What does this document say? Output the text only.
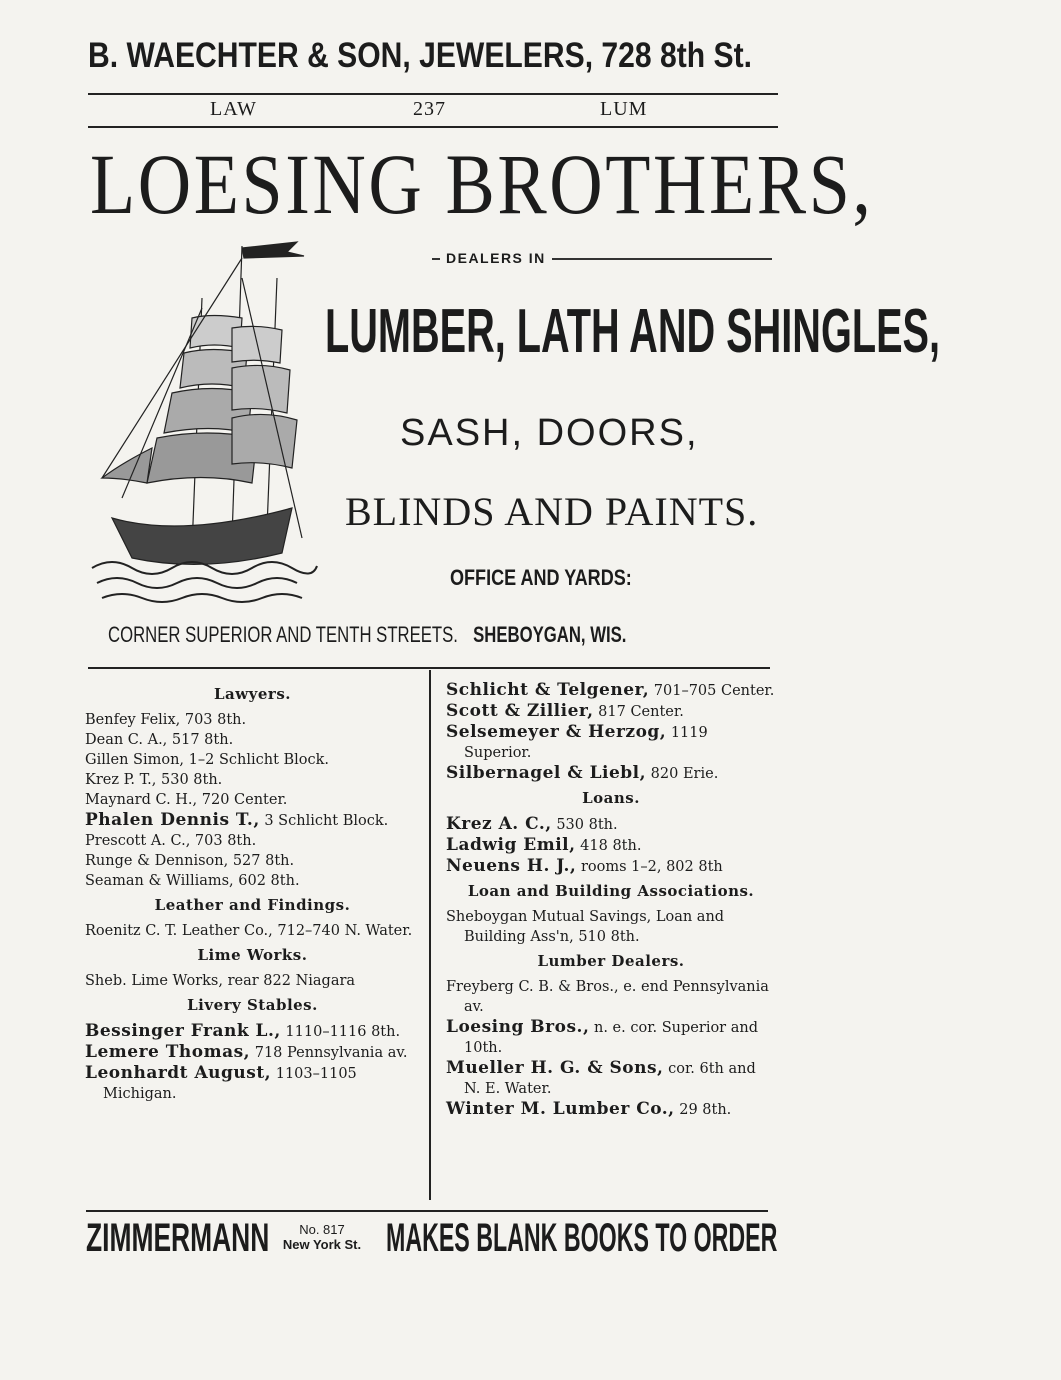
B. WAECHTER & SON, JEWELERS, 728 8th St.
LAW	237	LUM
LOESING BROTHERS,
DEALERS IN
LUMBER, LATH AND SHINGLES,
SASH, DOORS,
BLINDS AND PAINTS.
OFFICE AND YARDS:
CORNER SUPERIOR AND TENTH STREETS. SHEBOYGAN, WIS.
Lawyers.
Benfey Felix, 703 8th.
Dean C. A., 517 8th.
Gillen Simon, 1–2 Schlicht Block.
Krez P. T., 530 8th.
Maynard C. H., 720 Center.
Phalen Dennis T., 3 Schlicht Block.
Prescott A. C., 703 8th.
Runge & Dennison, 527 8th.
Seaman & Williams, 602 8th.
Leather and Findings.
Roenitz C. T. Leather Co., 712–740 N. Water.
Lime Works.
Sheb. Lime Works, rear 822 Niagara
Livery Stables.
Bessinger Frank L., 1110–1116 8th.
Lemere Thomas, 718 Pennsylvania av.
Leonhardt August, 1103–1105 Michigan.
Schlicht & Telgener, 701–705 Center.
Scott & Zillier, 817 Center.
Selsemeyer & Herzog, 1119 Superior.
Silbernagel & Liebl, 820 Erie.
Loans.
Krez A. C., 530 8th.
Ladwig Emil, 418 8th.
Neuens H. J., rooms 1–2, 802 8th
Loan and Building Associations.
Sheboygan Mutual Savings, Loan and Building Ass'n, 510 8th.
Lumber Dealers.
Freyberg C. B. & Bros., e. end Pennsylvania av.
Loesing Bros., n. e. cor. Superior and 10th.
Mueller H. G. & Sons, cor. 6th and N. E. Water.
Winter M. Lumber Co., 29 8th.
ZIMMERMANN	No. 817
New York St. MAKES BLANK BOOKS TO ORDER
